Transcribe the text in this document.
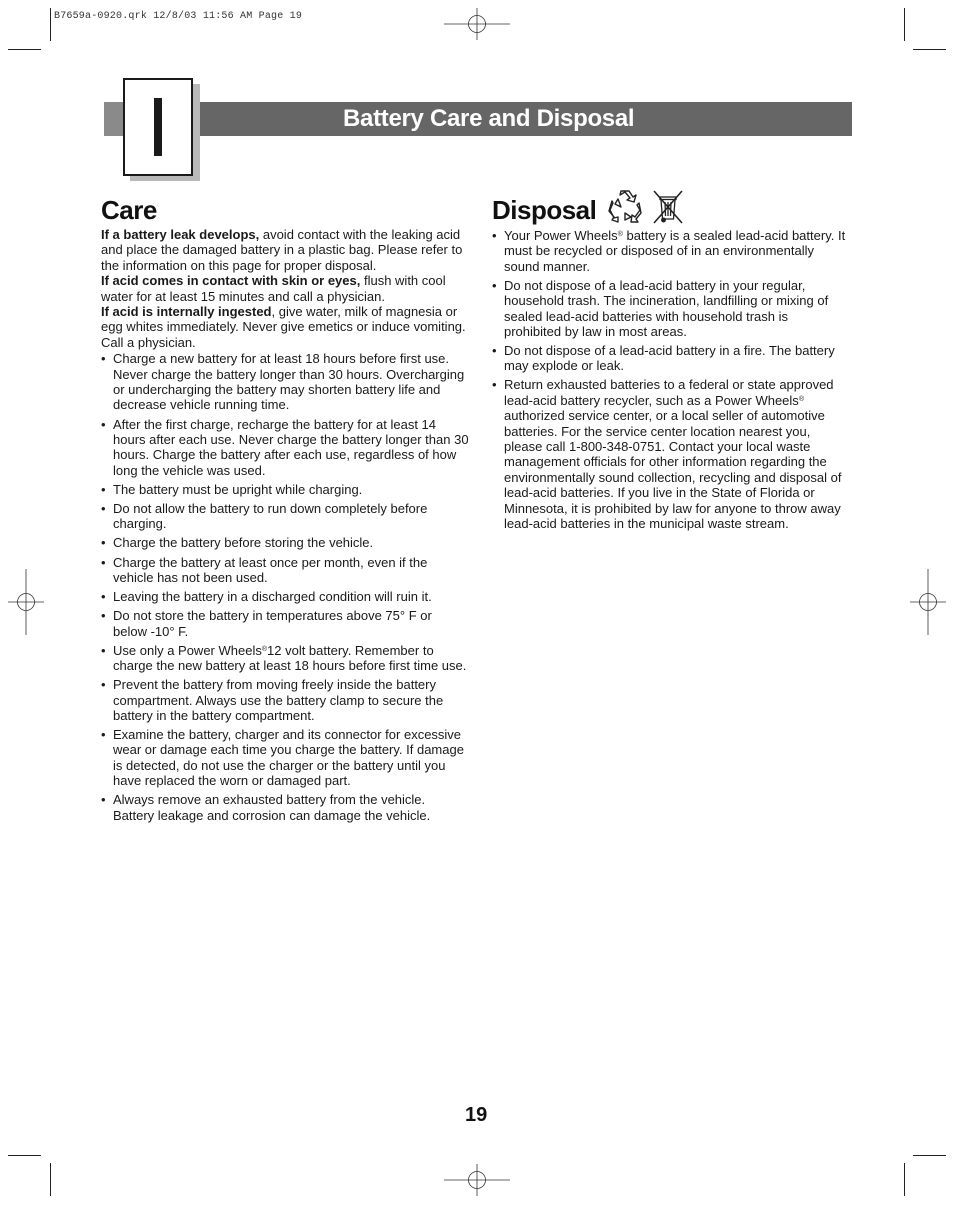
B7659a-0920.qrk 12/8/03 11:56 AM Page 19
Battery Care and Disposal
Care

If a battery leak develops, avoid contact with the leaking acid and place the damaged battery in a plastic bag. Please refer to the information on this page for proper disposal.

If acid comes in contact with skin or eyes, flush with cool water for at least 15 minutes and call a physician.

If acid is internally ingested, give water, milk of magnesia or egg whites immediately. Never give emetics or induce vomiting. Call a physician.

• Charge a new battery for at least 18 hours before first use. Never charge the battery longer than 30 hours. Overcharging or undercharging the battery may shorten battery life and decrease vehicle running time.
• After the first charge, recharge the battery for at least 14 hours after each use. Never charge the battery longer than 30 hours. Charge the battery after each use, regardless of how long the vehicle was used.
• The battery must be upright while charging.
• Do not allow the battery to run down completely before charging.
• Charge the battery before storing the vehicle.
• Charge the battery at least once per month, even if the vehicle has not been used.
• Leaving the battery in a discharged condition will ruin it.
• Do not store the battery in temperatures above 75° F or below -10° F.
• Use only a Power Wheels®12 volt battery. Remember to charge the new battery at least 18 hours before first time use.
• Prevent the battery from moving freely inside the battery compartment. Always use the battery clamp to secure the battery in the battery compartment.
• Examine the battery, charger and its connector for excessive wear or damage each time you charge the battery. If damage is detected, do not use the charger or the battery until you have replaced the worn or damaged part.
• Always remove an exhausted battery from the vehicle. Battery leakage and corrosion can damage the vehicle.
Disposal
• Your Power Wheels® battery is a sealed lead-acid battery. It must be recycled or disposed of in an environmentally sound manner.
• Do not dispose of a lead-acid battery in your regular, household trash. The incineration, landfilling or mixing of sealed lead-acid batteries with household trash is prohibited by law in most areas.
• Do not dispose of a lead-acid battery in a fire. The battery may explode or leak.
• Return exhausted batteries to a federal or state approved lead-acid battery recycler, such as a Power Wheels® authorized service center, or a local seller of automotive batteries. For the service center location nearest you, please call 1-800-348-0751. Contact your local waste management officials for other information regarding the environmentally sound collection, recycling and disposal of lead-acid batteries. If you live in the State of Florida or Minnesota, it is prohibited by law for anyone to throw away lead-acid batteries in the municipal waste stream.
19
